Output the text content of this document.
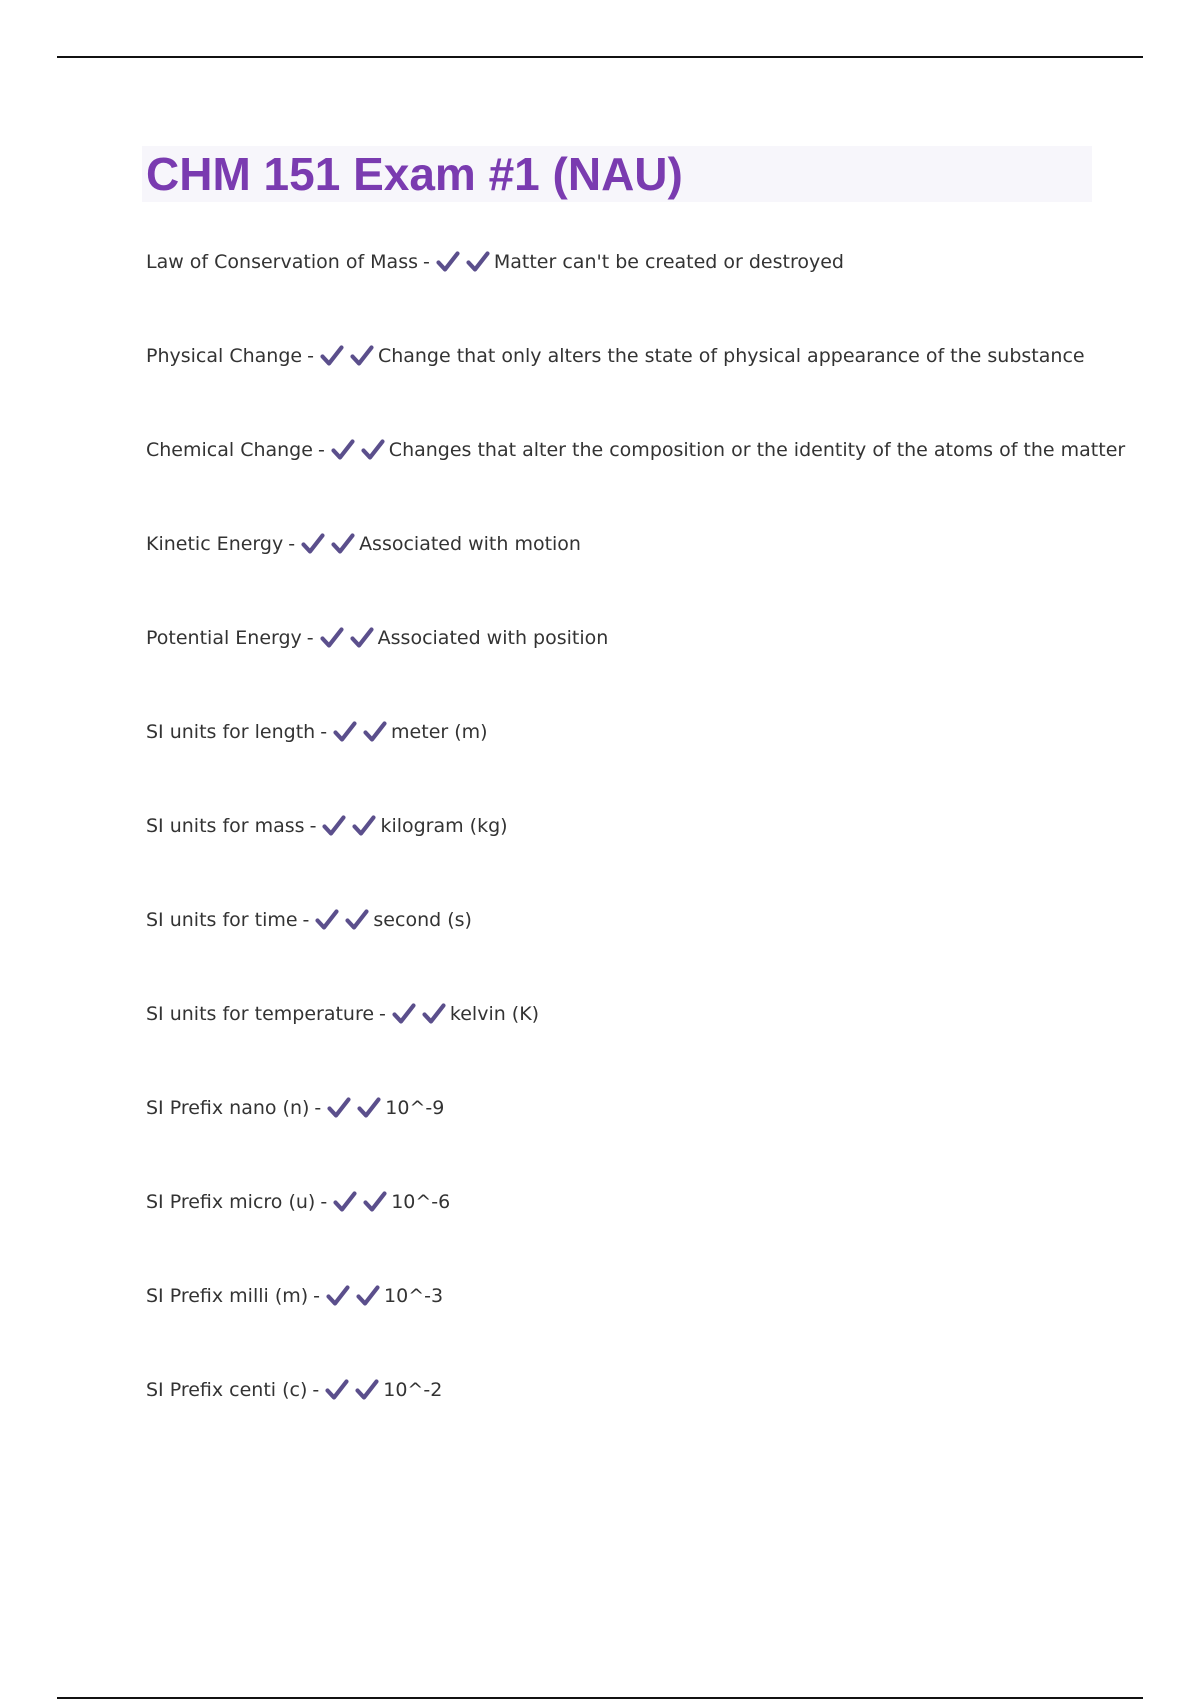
CHM 151 Exam #1 (NAU)
Law of Conservation of Mass -	Matter can't be created or destroyed
Physical Change -	Change that only alters the state of physical appearance of the substance
Chemical Change -	Changes that alter the composition or the identity of the atoms of the matter
Kinetic Energy -	Associated with motion
Potential Energy -	Associated with position
SI units for length -	meter (m)
SI units for mass -	kilogram (kg)
SI units for time -	second (s)
SI units for temperature -	kelvin (K)
SI Prefix nano (n) -	10^-9
SI Prefix micro (u) -	10^-6
SI Prefix milli (m) -	10^-3
SI Prefix centi (c) -	10^-2
